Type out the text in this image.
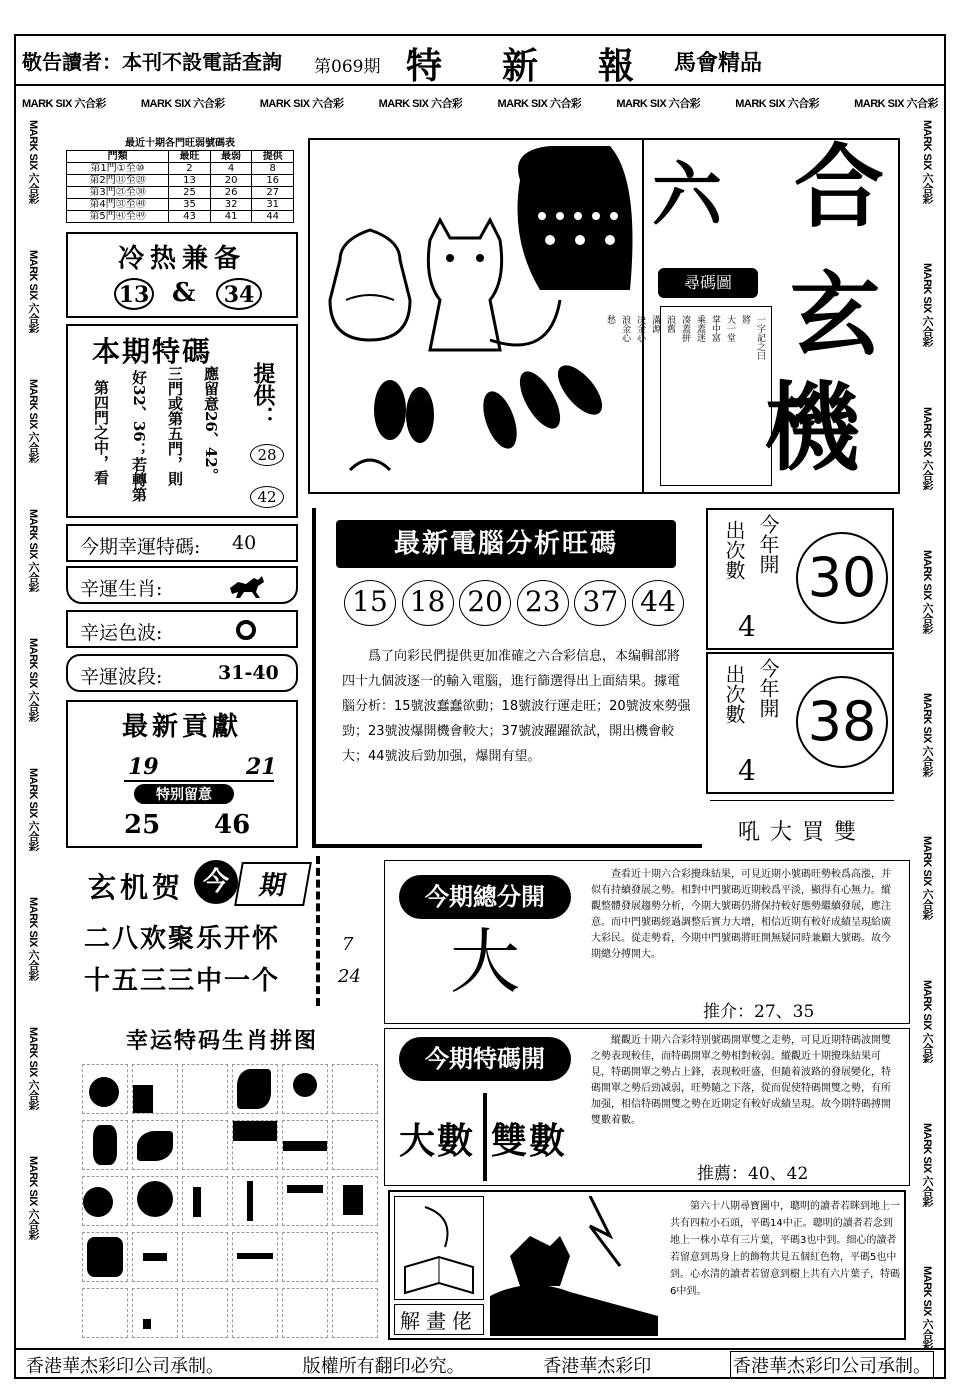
敬告讀者：本刊不設電話查詢 第069期 特 新 報 馬會精品
MARK SIX 六合彩	MARK SIX 六合彩	MARK SIX 六合彩	MARK SIX 六合彩	MARK SIX 六合彩	MARK SIX 六合彩	MARK SIX 六合彩	MARK SIX 六合彩
MARK SIX 六合彩
MARK SIX 六合彩
MARK SIX 六合彩
MARK SIX 六合彩
MARK SIX 六合彩
MARK SIX 六合彩
MARK SIX 六合彩
MARK SIX 六合彩
MARK SIX 六合彩
MARK SIX 六合彩
MARK SIX 六合彩
MARK SIX 六合彩
MARK SIX 六合彩
MARK SIX 六合彩
MARK SIX 六合彩
MARK SIX 六合彩
MARK SIX 六合彩
MARK SIX 六合彩
最近十期各門旺弱號碼表
門類	最旺	最弱	提供
第1門①至⑩	2	4	8
第2門⑪至⑳	13	20	16
第3門㉑至㉚	25	26	27
第4門㉛至㊵	35	32	31
第5門㊶至㊾	43	41	44
冷热兼备
13 &	34
本期特碼
第四門之中，看 好32、36；若轉第 三門或第五門，則 應留意26、42。 提供：
28
42
今期幸運特碼: 40
辛運生肖:
辛运色波:
辛運波段:	31-40
最新貢獻
19	21
特别留意
25 46
六 合
玄
機
尋碼圖
一字記之曰
將
大一堂
掌中富
乘蓋迷
凑蓋拼
浪舊
滿源
决金心
浪金心
愁
最新電腦分析旺碼
15 18 20 23 37 44
爲了向彩民們提供更加准確之六合彩信息，本编輯部將四十九個波逐一的輸入電腦，進行篩選得出上面結果。據電腦分析：15號波蠢蠢欲動；18號波行運走旺；20號波來勢强勁；23號波爆開機會較大；37號波躍躍欲試，開出機會較大；44號波后勁加强，爆開有望。
出次數 今年開
4
30
出次數 今年開
4
38
吼大買雙
玄机贺 今	期
二八欢聚乐开怀
十五三三中一个
7
24
今期總分開
大
查看近十期六合彩攪珠結果，可見近期小號碼旺勢較爲高漲，并似有持續發展之勢。相對中門號碼近期較爲平淡，顯得有心無力。縱觀整體發展趨勢分析，今期大號碼仍將保持較好態勢繼續發展，應注意。而中門號碼經過調整后實力大增，相信近期有較好成績呈現給廣大彩民。從走勢看，今期中門號碼將旺開無疑同時兼顧大號碼。故今期總分搏開大。
推介：27、35
今期特碼開
大數 雙數
縱觀近十期六合彩特别號碼開單雙之走勢，可見近期特碼波開雙之勢表现較佳，而特碼開單之勢相對較弱。縱觀近十期攪珠結果可見，特碼開單之勢占上鋒，表现較旺盛，但隨着波路的發展變化，特碼開單之勢后勁减弱，旺勢隨之下落，從而促使特碼開雙之勢，有所加强，相信特碼開雙之勢在近期定有較好成績呈現。故今期特碼搏開雙數着數。
推薦：40、42
幸运特码生肖拼图
解畫佬
第六十八期尋寶圖中，聰明的讀者若眯到地上一共有四粒小石頭，平碼14中正。聰明的讀者若念到地上一株小草有三片葉，平碼3也中到。细心的讀者若留意到馬身上的飾物共見五個紅色物，平碼5也中到。心水清的讀者若留意到樹上共有六片葉子，特碼6中到。
香港華杰彩印公司承制。	版權所有翻印必究。	香港華杰彩印	香港華杰彩印公司承制。
